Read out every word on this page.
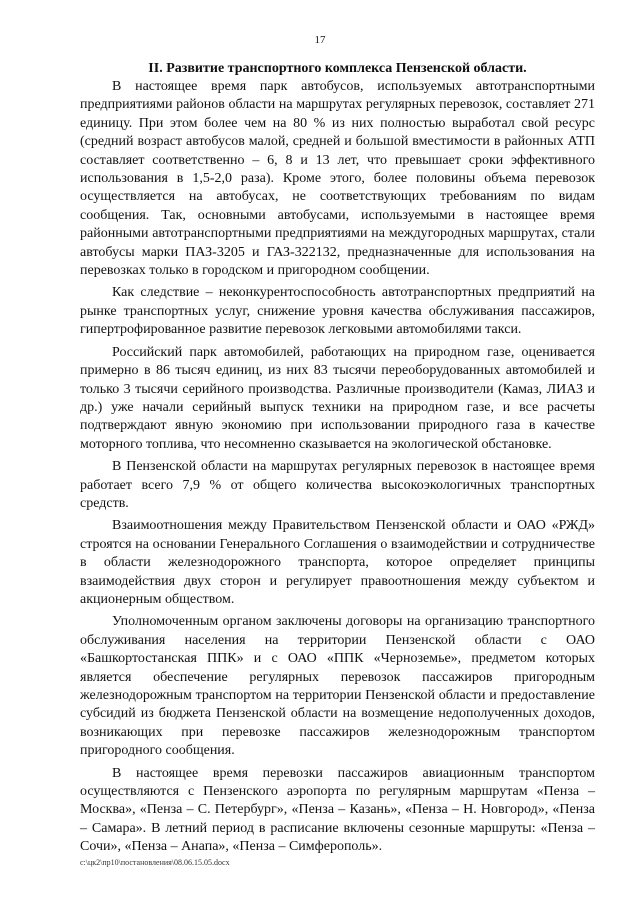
17
II. Развитие транспортного комплекса Пензенской области.

В настоящее время парк автобусов, используемых автотранспортными предприятиями районов области на маршрутах регулярных перевозок, составляет 271 единицу. При этом более чем на 80 % из них полностью выработал свой ресурс (средний возраст автобусов малой, средней и большой вместимости в районных АТП составляет соответственно – 6, 8 и 13 лет, что превышает сроки эффективного использования в 1,5-2,0 раза). Кроме этого, более половины объема перевозок осуществляется на автобусах, не соответствующих требованиям по видам сообщения. Так, основными автобусами, используемыми в настоящее время районными автотранспортными предприятиями на междугородных маршрутах, стали автобусы марки ПАЗ-3205 и ГАЗ-322132, предназначенные для использования на перевозках только в городском и пригородном сообщении.

Как следствие – неконкурентоспособность автотранспортных предприятий на рынке транспортных услуг, снижение уровня качества обслуживания пассажиров, гипертрофированное развитие перевозок легковыми автомобилями такси.

Российский парк автомобилей, работающих на природном газе, оценивается примерно в 86 тысяч единиц, из них 83 тысячи переоборудованных автомобилей и только 3 тысячи серийного производства. Различные производители (Камаз, ЛИАЗ и др.) уже начали серийный выпуск техники на природном газе, и все расчеты подтверждают явную экономию при использовании природного газа в качестве моторного топлива, что несомненно сказывается на экологической обстановке.

В Пензенской области на маршрутах регулярных перевозок в настоящее время работает всего 7,9 % от общего количества высокоэкологичных транспортных средств.

Взаимоотношения между Правительством Пензенской области и ОАО «РЖД» строятся на основании Генерального Соглашения о взаимодействии и сотрудничестве в области железнодорожного транспорта, которое определяет принципы взаимодействия двух сторон и регулирует правоотношения между субъектом и акционерным обществом.

Уполномоченным органом заключены договоры на организацию транспортного обслуживания населения на территории Пензенской области с ОАО «Башкортостанская ППК» и с ОАО «ППК «Черноземье», предметом которых является обеспечение регулярных перевозок пассажиров пригородным железнодорожным транспортом на территории Пензенской области и предоставление субсидий из бюджета Пензенской области на возмещение недополученных доходов, возникающих при перевозке пассажиров железнодорожным транспортом пригородного сообщения.

В настоящее время перевозки пассажиров авиационным транспортом осуществляются с Пензенского аэропорта по регулярным маршрутам «Пенза – Москва», «Пенза – С. Петербург», «Пенза – Казань», «Пенза – Н. Новгород», «Пенза – Самара». В летний период в расписание включены сезонные маршруты: «Пенза – Сочи», «Пенза – Анапа», «Пенза – Симферополь».

c:\цк2\пр10\постановления\08.06.15.05.docx
